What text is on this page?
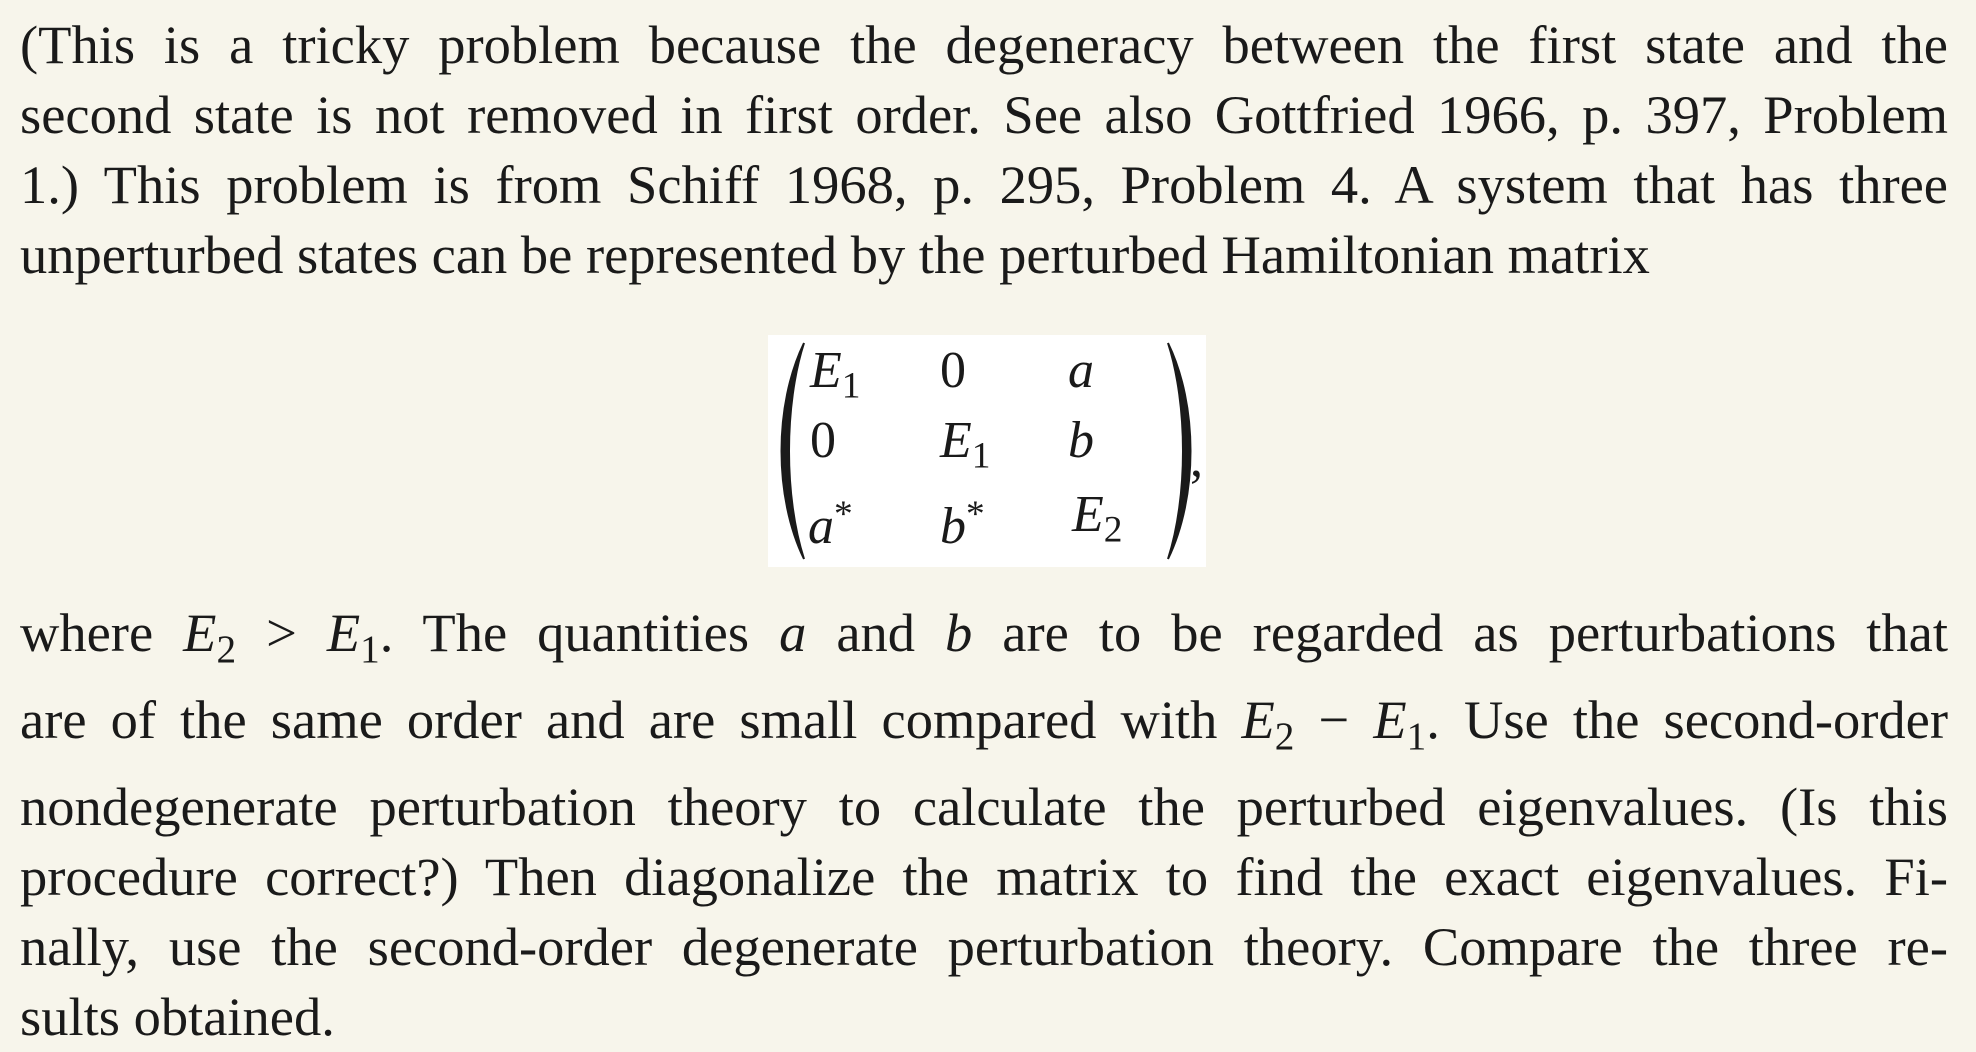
(This is a tricky problem because the degeneracy between the first state and the
second state is not removed in first order. See also Gottfried 1966, p. 397, Problem
1.) This problem is from Schiff 1968, p. 295, Problem 4. A system that has three
unperturbed states can be represented by the perturbed Hamiltonian matrix
$E_1$ 0 a
0 $E_1$ b
a* b* $E_2$
,
where $E_2 > E_1$. The quantities a and b are to be regarded as perturbations that
are of the same order and are small compared with $E_2 - E_1$. Use the second-order
nondegenerate perturbation theory to calculate the perturbed eigenvalues. (Is this
procedure correct?) Then diagonalize the matrix to find the exact eigenvalues. Fi-
nally, use the second-order degenerate perturbation theory. Compare the three re-
sults obtained.
